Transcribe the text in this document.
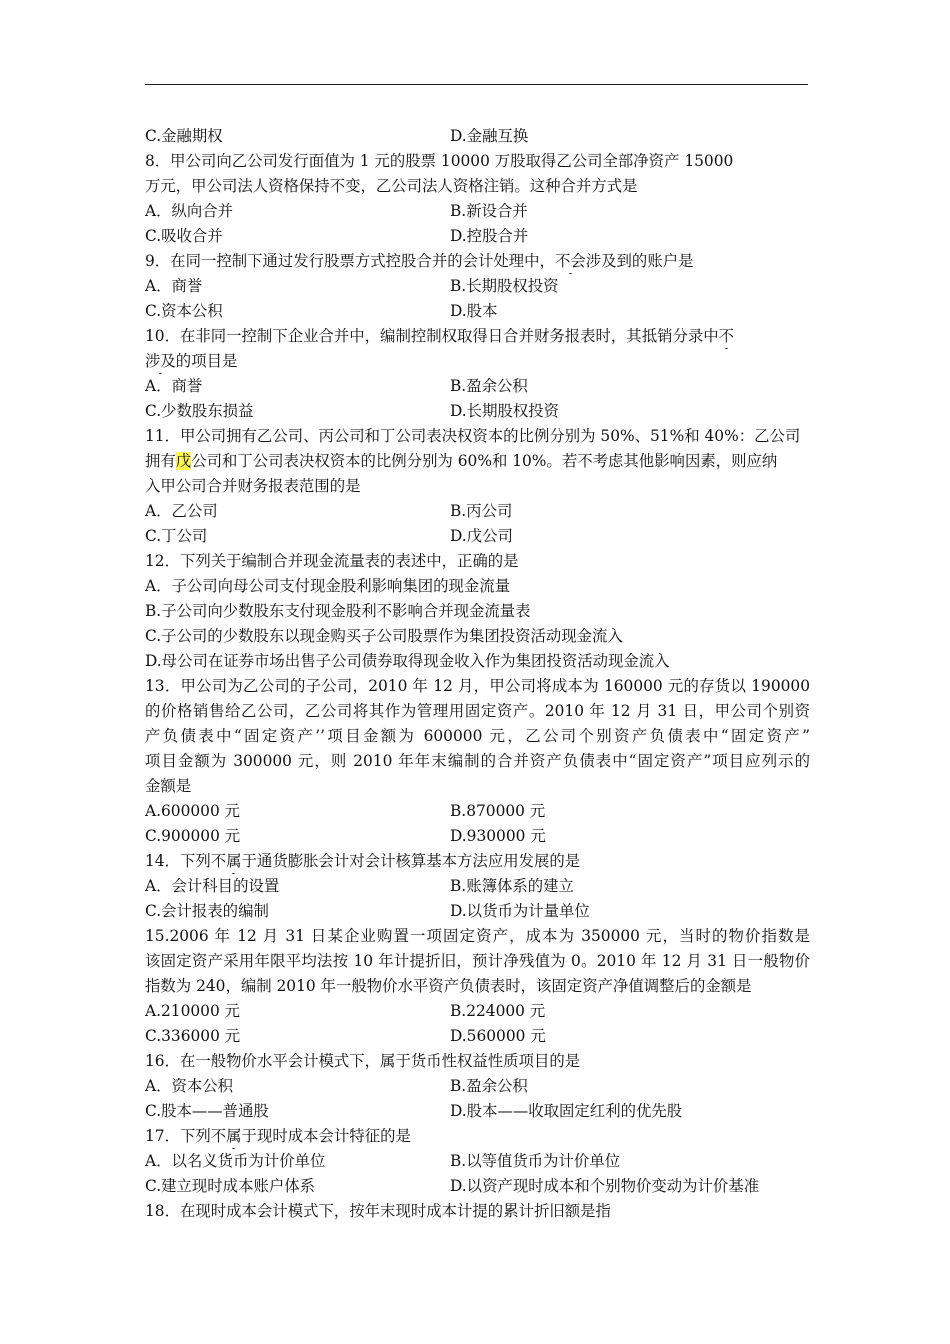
C.金融期权	D.金融互换
8．甲公司向乙公司发行面值为 1 元的股票 10000 万股取得乙公司全部净资产 15000
万元，甲公司法人资格保持不变，乙公司法人资格注销。这种合并方式是
A．纵向合并	B.新设合并
C.吸收合并	D.控股合并
9．在同一控制下通过发行股票方式控股合并的会计处理中，不会涉及到的账户是
A．商誉	B.长期股权投资
C.资本公积	D.股本
10．在非同一控制下企业合并中，编制控制权取得日合并财务报表时，其抵销分录中不
涉及的项目是
A．商誉	B.盈余公积
C.少数股东损益	D.长期股权投资
11．甲公司拥有乙公司、丙公司和丁公司表决权资本的比例分别为 50%、51%和 40%：乙公司
拥有戊公司和丁公司表决权资本的比例分别为 60%和 10%。若不考虑其他影响因素，则应纳
入甲公司合并财务报表范围的是
A．乙公司	B.丙公司
C.丁公司	D.戊公司
12．下列关于编制合并现金流量表的表述中，正确的是
A．子公司向母公司支付现金股利影响集团的现金流量
B.子公司向少数股东支付现金股利不影响合并现金流量表
C.子公司的少数股东以现金购买子公司股票作为集团投资活动现金流入
D.母公司在证券市场出售子公司债券取得现金收入作为集团投资活动现金流入
13．甲公司为乙公司的子公司，2010 年 12 月，甲公司将成本为 160000 元的存货以 190000
的价格销售给乙公司，乙公司将其作为管理用固定资产。2010 年 12 月 31 日，甲公司个别资
产负债表中“固定资产’’项目金额为 600000 元，乙公司个别资产负债表中“固定资产”
项目金额为 300000 元，则 2010 年年末编制的合并资产负债表中“固定资产”项目应列示的
金额是
A.600000 元	B.870000 元
C.900000 元	D.930000 元
14．下列不属于通货膨胀会计对会计核算基本方法应用发展的是
A．会计科目的设置	B.账簿体系的建立
C.会计报表的编制	D.以货币为计量单位
15.2006 年 12 月 31 日某企业购置一项固定资产，成本为 350000 元，当时的物价指数是
该固定资产采用年限平均法按 10 年计提折旧，预计净残值为 0。2010 年 12 月 31 日一般物价
指数为 240，编制 2010 年一般物价水平资产负债表时，该固定资产净值调整后的金额是
A.210000 元	B.224000 元
C.336000 元	D.560000 元
16．在一般物价水平会计模式下，属于货币性权益性质项目的是
A．资本公积	B.盈余公积
C.股本——普通股	D.股本——收取固定红利的优先股
17．下列不属于现时成本会计特征的是
A．以名义货币为计价单位	B.以等值货币为计价单位
C.建立现时成本账户体系	D.以资产现时成本和个别物价变动为计价基准
18．在现时成本会计模式下，按年末现时成本计提的累计折旧额是指
